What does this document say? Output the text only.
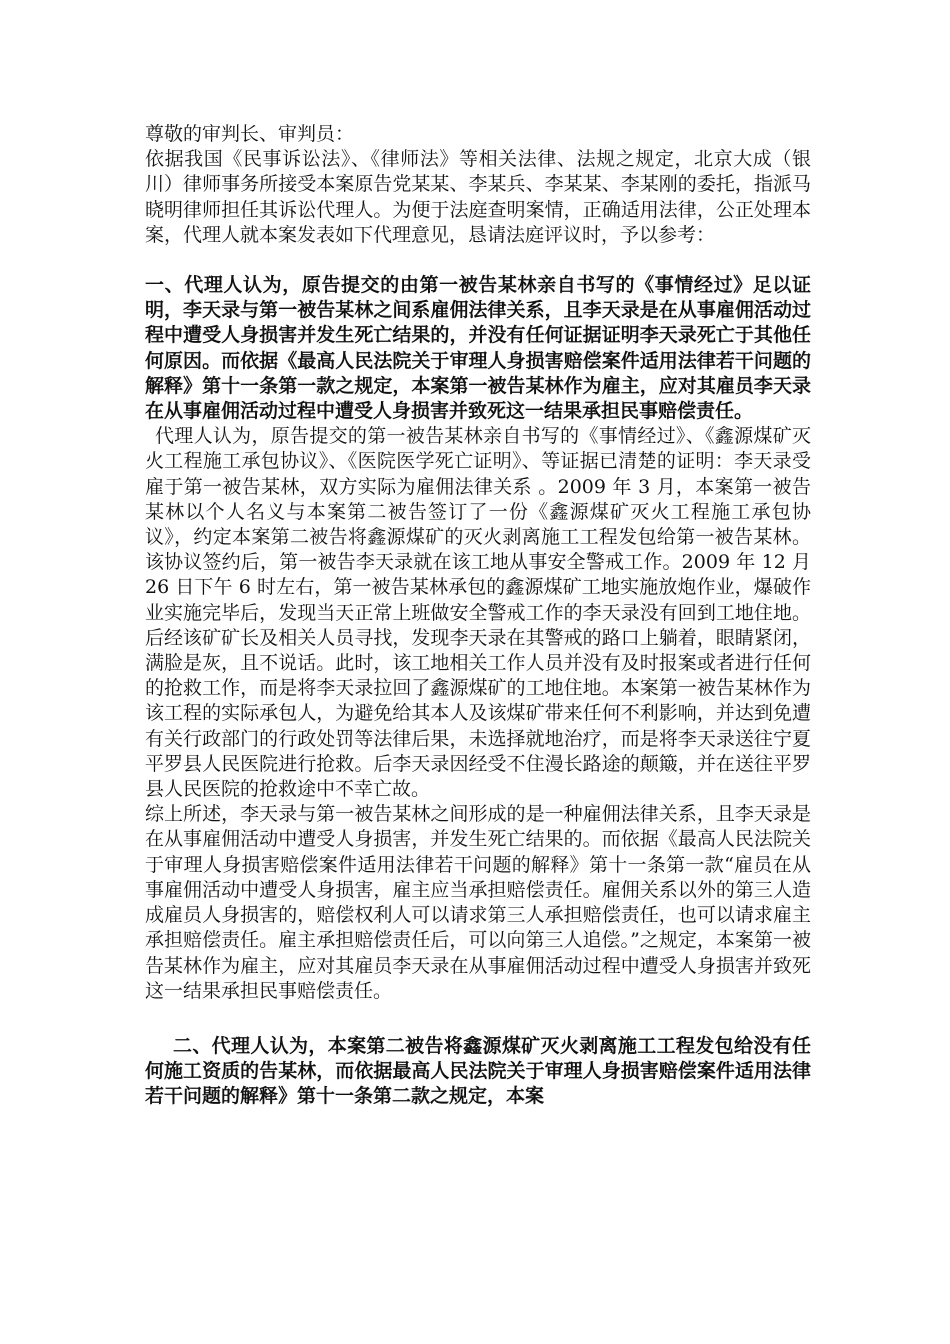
尊敬的审判长、审判员：

依据我国《民事诉讼法》、《律师法》等相关法律、法规之规定，北京大成（银川）律师事务所接受本案原告党某某、李某兵、李某某、李某刚的委托，指派马晓明律师担任其诉讼代理人。为便于法庭查明案情，正确适用法律，公正处理本案，代理人就本案发表如下代理意见，恳请法庭评议时，予以参考：

一、代理人认为，原告提交的由第一被告某林亲自书写的《事情经过》足以证明，李天录与第一被告某林之间系雇佣法律关系，且李天录是在从事雇佣活动过程中遭受人身损害并发生死亡结果的，并没有任何证据证明李天录死亡于其他任何原因。而依据《最高人民法院关于审理人身损害赔偿案件适用法律若干问题的解释》第十一条第一款之规定，本案第一被告某林作为雇主，应对其雇员李天录在从事雇佣活动过程中遭受人身损害并致死这一结果承担民事赔偿责任。

代理人认为，原告提交的第一被告某林亲自书写的《事情经过》、《鑫源煤矿灭火工程施工承包协议》、《医院医学死亡证明》、等证据已清楚的证明：李天录受雇于第一被告某林，双方实际为雇佣法律关系 。2009 年 3 月，本案第一被告某林以个人名义与本案第二被告签订了一份《鑫源煤矿灭火工程施工承包协议》，约定本案第二被告将鑫源煤矿的灭火剥离施工工程发包给第一被告某林。该协议签约后，第一被告李天录就在该工地从事安全警戒工作。2009 年 12 月 26 日下午 6 时左右，第一被告某林承包的鑫源煤矿工地实施放炮作业，爆破作业实施完毕后，发现当天正常上班做安全警戒工作的李天录没有回到工地住地。后经该矿矿长及相关人员寻找，发现李天录在其警戒的路口上躺着，眼睛紧闭，满脸是灰，且不说话。此时，该工地相关工作人员并没有及时报案或者进行任何的抢救工作，而是将李天录拉回了鑫源煤矿的工地住地。本案第一被告某林作为该工程的实际承包人，为避免给其本人及该煤矿带来任何不利影响，并达到免遭有关行政部门的行政处罚等法律后果，未选择就地治疗，而是将李天录送往宁夏平罗县人民医院进行抢救。后李天录因经受不住漫长路途的颠簸，并在送往平罗县人民医院的抢救途中不幸亡故。

综上所述，李天录与第一被告某林之间形成的是一种雇佣法律关系，且李天录是在从事雇佣活动中遭受人身损害，并发生死亡结果的。而依据《最高人民法院关于审理人身损害赔偿案件适用法律若干问题的解释》第十一条第一款“雇员在从事雇佣活动中遭受人身损害，雇主应当承担赔偿责任。雇佣关系以外的第三人造成雇员人身损害的，赔偿权利人可以请求第三人承担赔偿责任，也可以请求雇主承担赔偿责任。雇主承担赔偿责任后，可以向第三人追偿。”之规定，本案第一被告某林作为雇主，应对其雇员李天录在从事雇佣活动过程中遭受人身损害并致死这一结果承担民事赔偿责任。

二、代理人认为，本案第二被告将鑫源煤矿灭火剥离施工工程发包给没有任何施工资质的告某林，而依据最高人民法院关于审理人身损害赔偿案件适用法律若干问题的解释》第十一条第二款之规定，本案
